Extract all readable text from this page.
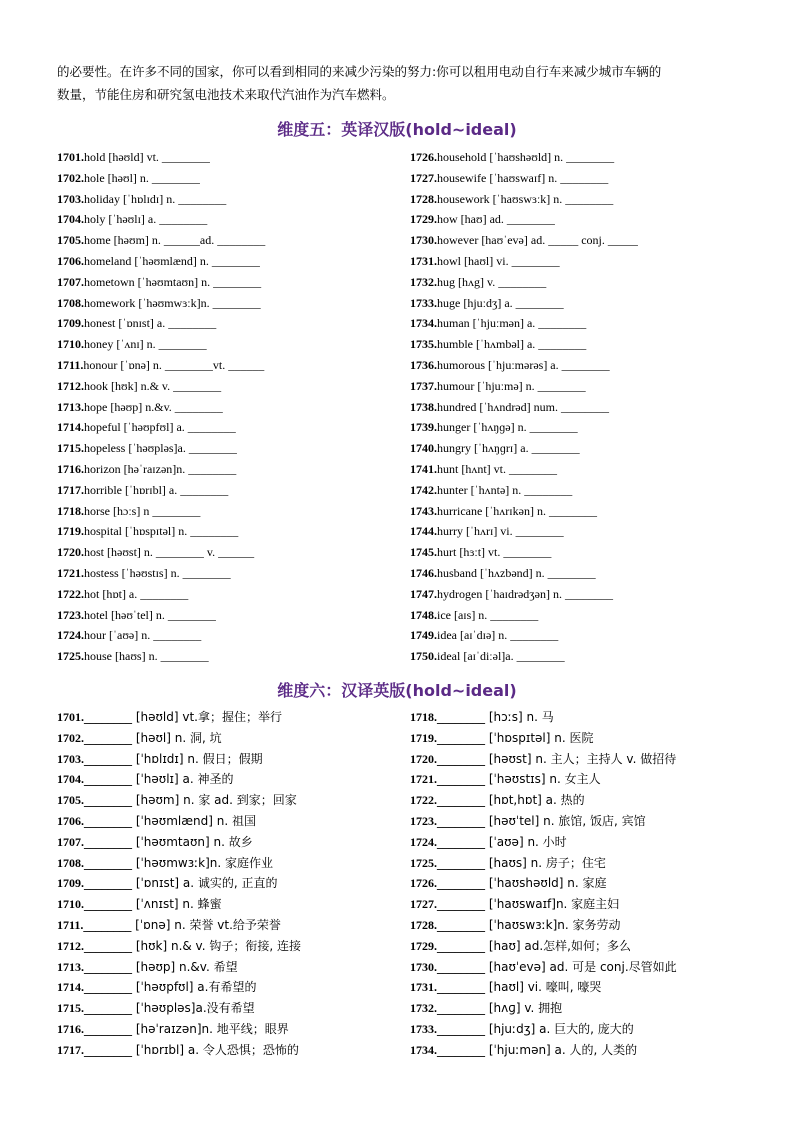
的必要性。在许多不同的国家，你可以看到相同的来减少污染的努力:你可以租用电动自行车来减少城市车辆的
数量，节能住房和研究氢电池技术来取代汽油作为汽车燃料。
维度五：英译汉版(hold~ideal)
1701.hold [həʊld] vt. ________
1702.hole [həʊl] n. ________
1703.holiday [ˈhɒlɪdɪ] n. ________
1704.holy [ˈhəʊlɪ] a. ________
1705.home [həʊm] n. ______ad. ________
1706.homeland [ˈhəʊmlænd] n. ________
1707.hometown [ˈhəʊmtaʊn] n. ________
1708.homework [ˈhəʊmwɜːk]n. ________
1709.honest [ˈɒnɪst] a. ________
1710.honey [ˈʌnɪ] n. ________
1711.honour [ˈɒnə] n. ________vt. ______
1712.hook [hʊk] n.& v. ________
1713.hope [həʊp] n.&v. ________
1714.hopeful [ˈhəʊpfʊl] a. ________
1715.hopeless [ˈhəʊpləs]a. ________
1716.horizon [həˈraɪzən]n. ________
1717.horrible [ˈhɒrɪbl] a. ________
1718.horse [hɔːs] n ________
1719.hospital [ˈhɒspɪtəl] n. ________
1720.host [həʊst] n. ________ v. ______
1721.hostess [ˈhəʊstɪs] n. ________
1722.hot [hɒt] a. ________
1723.hotel [həʊˈtel] n. ________
1724.hour [ˈaʊə] n. ________
1725.house [haʊs] n. ________
1726.household [ˈhaʊshəʊld] n. ________
1727.housewife [ˈhaʊswaɪf] n. ________
1728.housework [ˈhaʊswɜːk] n. ________
1729.how [haʊ] ad. ________
1730.however [haʊˈevə] ad. _____ conj. _____
1731.howl [haʊl] vi. ________
1732.hug [hʌg] v. ________
1733.huge [hjuːdʒ] a. ________
1734.human [ˈhjuːmən] a. ________
1735.humble [ˈhʌmbəl] a. ________
1736.humorous [ˈhjuːmərəs] a. ________
1737.humour [ˈhjuːmə] n. ________
1738.hundred [ˈhʌndrəd] num. ________
1739.hunger [ˈhʌŋɡə] n. ________
1740.hungry [ˈhʌŋɡrɪ] a. ________
1741.hunt [hʌnt] vt. ________
1742.hunter [ˈhʌntə] n. ________
1743.hurricane [ˈhʌrɪkən] n. ________
1744.hurry [ˈhʌrɪ] vi. ________
1745.hurt [hɜːt] vt. ________
1746.husband [ˈhʌzbənd] n. ________
1747.hydrogen [ˈhaɪdrədʒən] n. ________
1748.ice [aɪs] n. ________
1749.idea [aɪˈdɪə] n. ________
1750.ideal [aɪˈdiːəl]a. ________
维度六：汉译英版(hold~ideal)
1701.________ [həʊld] vt.拿；握住；举行
1702.________ [həʊl] n. 洞, 坑
1703.________ [ˈhɒlɪdɪ] n. 假日；假期
1704.________ [ˈhəʊlɪ] a. 神圣的
1705.________ [həʊm] n. 家 ad. 到家；回家
1706.________ [ˈhəʊmlænd] n. 祖国
1707.________ [ˈhəʊmtaʊn] n. 故乡
1708.________ [ˈhəʊmwɜːk]n. 家庭作业
1709.________ [ˈɒnɪst] a. 诚实的, 正直的
1710.________ [ˈʌnɪst] n. 蜂蜜
1711.________ [ˈɒnə] n. 荣誉 vt.给予荣誉
1712.________ [hʊk] n.& v. 钩子；衔接, 连接
1713.________ [həʊp] n.&v. 希望
1714.________ [ˈhəʊpfʊl] a.有希望的
1715.________ [ˈhəʊpləs]a.没有希望
1716.________ [həˈraɪzən]n. 地平线；眼界
1717.________ [ˈhɒrɪbl] a. 令人恐惧；恐怖的
1718.________ [hɔːs] n. 马
1719.________ [ˈhɒspɪtəl] n. 医院
1720.________ [həʊst] n. 主人；主持人 v. 做招待
1721.________ [ˈhəʊstɪs] n. 女主人
1722.________ [hɒt,hɒt] a. 热的
1723.________ [həʊˈtel] n. 旅馆, 饭店, 宾馆
1724.________ [ˈaʊə] n. 小时
1725.________ [haʊs] n. 房子；住宅
1726.________ [ˈhaʊshəʊld] n. 家庭
1727.________ [ˈhaʊswaɪf]n. 家庭主妇
1728.________ [ˈhaʊswɜːk]n. 家务劳动
1729.________ [haʊ] ad.怎样,如何；多么
1730.________ [haʊˈevə] ad. 可是 conj.尽管如此
1731.________ [haʊl] vi. 嚎叫, 嚎哭
1732.________ [hʌɡ] v. 拥抱
1733.________ [hjuːdʒ] a. 巨大的, 庞大的
1734.________ [ˈhjuːmən] a. 人的, 人类的
